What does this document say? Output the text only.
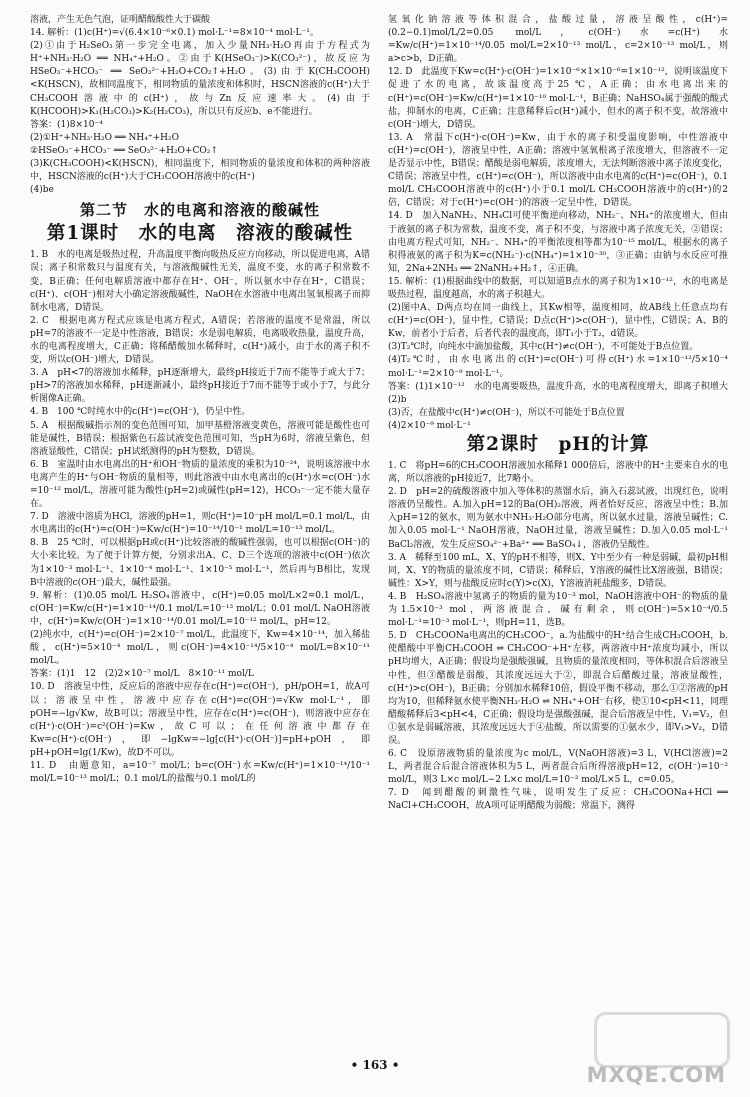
溶液，产生无色气泡，证明醋酸酸性大于碳酸

14. 解析：(1)c(H⁺)=√(6.4×10⁻⁶×0.1) mol·L⁻¹=8×10⁻⁴ mol·L⁻¹。

(2)①由于H₂SeO₃第一步完全电离，加入少量NH₃·H₂O再由于方程式为 H⁺+NH₃·H₂O ══ NH₄⁺+H₂O。②由于K(HSeO₃⁻)>K(CO₃²⁻)，故反应为HSeO₃⁻+HCO₃⁻ ══ SeO₃²⁻+H₂O+CO₂↑+H₂O。(3)由于K(CH₃COOH)<K(HSCN)，故相同温度下，相同物质的量浓度和体积时，HSCN溶液的c(H⁺)大于CH₃COOH溶液中的c(H⁺)，故与Zn反应速率大。(4)由于K(HCOOH)>K₁(H₂CO₃)>K₂(H₂CO₃)，所以只有反应b、e不能进行。

答案：(1)8×10⁻⁴

(2)①H⁺+NH₃·H₂O ══ NH₄⁺+H₂O

②HSeO₃⁻+HCO₃⁻ ══ SeO₃²⁻+H₂O+CO₂↑

(3)K(CH₃COOH)<K(HSCN)，相同温度下，相同物质的量浓度和体积的两种溶液中，HSCN溶液的c(H⁺)大于CH₃COOH溶液中的c(H⁺)

(4)be

第二节　水的电离和溶液的酸碱性
第1课时　水的电离　溶液的酸碱性

1. B　水的电离是吸热过程，升高温度平衡向吸热反应方向移动，所以促进电离，A错误；离子积常数只与温度有关，与溶液酸碱性无关，温度不变，水的离子积常数不变，B正确；任何电解质溶液中都存在H⁺、OH⁻，所以氨水中存在H⁺，C错误；c(H⁺)、c(OH⁻)相对大小确定溶液酸碱性，NaOH在水溶液中电离出氢氧根离子而抑制水电离，D错误。

2. C　根据电离方程式应该是电离方程式，A错误；若溶液的温度不是常温，所以pH=7的溶液不一定是中性溶液，B错误；水是弱电解质，电离吸收热量，温度升高，水的电离程度增大，C正确；将稀醋酸加水稀释时，c(H⁺)减小，由于水的离子积不变，所以c(OH⁻)增大，D错误。

3. A　pH<7的溶液加水稀释，pH逐渐增大，最终pH接近于7而不能等于或大于7；pH>7的溶液加水稀释，pH逐渐减小，最终pH接近于7而不能等于或小于7，与此分析图像A正确。

4. B　100 ℃时纯水中的c(H⁺)=c(OH⁻)，仍呈中性。

5. A　根据酸碱指示剂的变色范围可知，加甲基橙溶液变黄色，溶液可能是酸性也可能是碱性，B错误；根据紫色石蕊试液变色范围可知，当pH为6时，溶液呈紫色，但溶液显酸性，C错误；pH试纸测得的pH为整数，D错误。

6. B　室温时由水电离出的H⁺和OH⁻物质的量浓度的乘积为10⁻²⁴，说明该溶液中水电离产生的H⁺与OH⁻物质的量相等，则此溶液中由水电离出的c(H⁺)水=c(OH⁻)水=10⁻¹² mol/L，溶液可能为酸性(pH=2)或碱性(pH=12)，HCO₃⁻一定不能大量存在。

7. D　溶液中溶质为HCl，溶液的pH=1，则c(H⁺)=10⁻pH mol/L=0.1 mol/L，由水电离出的c(H⁺)=c(OH⁻)=Kw/c(H⁺)=10⁻¹⁴/10⁻¹ mol/L=10⁻¹³ mol/L。

8. B　25 ℃时，可以根据pH或c(H⁺)比较溶液的酸碱性强弱，也可以根据c(OH⁻)的大小来比较。为了便于计算方便，分别求出A、C、D三个选项的溶液中c(OH⁻)依次为1×10⁻³ mol·L⁻¹、1×10⁻⁴ mol·L⁻¹、1×10⁻⁵ mol·L⁻¹，然后再与B相比，发现B中溶液的c(OH⁻)最大，碱性最强。

9. 解析：(1)0.05 mol/L H₂SO₄溶液中，c(H⁺)=0.05 mol/L×2=0.1 mol/L，c(OH⁻)=Kw/c(H⁺)=1×10⁻¹⁴/0.1 mol/L=10⁻¹³ mol/L；0.01 mol/L NaOH溶液中，c(H⁺)=Kw/c(OH⁻)=1×10⁻¹⁴/0.01 mol/L=10⁻¹² mol/L，pH=12。

(2)纯水中，c(H⁺)=c(OH⁻)=2×10⁻⁷ mol/L，此温度下，Kw=4×10⁻¹⁴，加入稀盐酸，c(H⁺)=5×10⁻⁴ mol/L，则c(OH⁻)=4×10⁻¹⁴/5×10⁻⁴ mol/L=8×10⁻¹¹ mol/L。

答案：(1)1　12　(2)2×10⁻⁷ mol/L　8×10⁻¹¹ mol/L

10. D　溶液呈中性，反应后的溶液中应存在c(H⁺)=c(OH⁻)，pH/pOH=1，故A可以；溶液呈中性，溶液中应存在c(H⁺)=c(OH⁻)=√Kw mol·L⁻¹，即pOH=−lg√Kw，故B可以；溶液呈中性，应存在c(H⁺)=c(OH⁻)，则溶液中应存在c(H⁺)·c(OH⁻)=c²(OH⁻)=Kw，故C可以；在任何溶液中都存在Kw=c(H⁺)·c(OH⁻)，即−lgKw=−lg[c(H⁺)·c(OH⁻)]=pH+pOH，即pH+pOH=lg(1/Kw)，故D不可以。

11. D　由题意知，a=10⁻⁷ mol/L；b=c(OH⁻)水=Kw/c(H⁺)=1×10⁻¹⁴/10⁻¹ mol/L=10⁻¹³ mol/L；0.1 mol/L的盐酸与0.1 mol/L的

氢氧化钠溶液等体积混合，盐酸过量，溶液呈酸性，c(H⁺)=(0.2−0.1)mol/L/2=0.05 mol/L，c(OH⁻)水=c(H⁺)水=Kw/c(H⁺)=1×10⁻¹⁴/0.05 mol/L=2×10⁻¹³ mol/L，c=2×10⁻¹³ mol/L，则a>c>b，D正确。

12. D　此温度下Kw=c(H⁺)·c(OH⁻)=1×10⁻⁶×1×10⁻⁶=1×10⁻¹²，说明该温度下促进了水的电离，故该温度高于25 ℃，A正确；由水电离出来的c(H⁺)=c(OH⁻)=Kw/c(H⁺)=1×10⁻¹⁰ mol·L⁻¹，B正确；NaHSO₄属于强酸的酸式盐，抑制水的电离，C正确；注意稀释后c(H⁺)减小，但水的离子积不变，故溶液中c(OH⁻)增大，D错误。

13. A　常温下c(H⁺)·c(OH⁻)=Kw，由于水的离子积受温度影响，中性溶液中c(H⁺)=c(OH⁻)，溶液呈中性，A正确；溶液中氢氧根离子浓度增大，但溶液不一定是否显示中性，B错误；醋酸是弱电解质，浓度增大，无法判断溶液中离子浓度变化，C错误；溶液呈中性，c(H⁺)=c(OH⁻)，所以溶液中由水电离的c(H⁺)=c(OH⁻)，0.1 mol/L CH₃COOH溶液中的c(H⁺)小于0.1 mol/L CH₃COOH溶液中的c(H⁺)的2倍，C错误；对于c(H⁺)=c(OH⁻)的溶液一定呈中性，D错误。

14. D　加入NaNH₂、NH₄Cl可使平衡逆向移动，NH₂⁻、NH₄⁺的浓度增大，但由于液氨的离子积为常数，温度不变，离子积不变，与溶液中离子浓度无关，②错误；由电离方程式可知，NH₂⁻、NH₄⁺的平衡浓度相等都为10⁻¹⁵ mol/L，根据水的离子积得液氨的离子积为K=c(NH₂⁻)·c(NH₄⁺)=1×10⁻³⁰，③正确；由钠与水反应可推知，2Na+2NH₃ ══ 2NaNH₂+H₂↑，④正确。

15. 解析：(1)根据曲线中的数据，可以知道B点水的离子积为1×10⁻¹²，水的电离是吸热过程，温度越高，水的离子积越大。

(2)图中A、D两点均在同一曲线上，其Kw相等，温度相同，故AB线上任意点均有c(H⁺)=c(OH⁻)，显中性，C错误；D点c(H⁺)>c(OH⁻)，显中性，C错误；A、B的Kw，前者小于后者，后者代表的温度高，即T₁小于T₂，d错误。

(3)T₂℃时，向纯水中滴加盐酸，其中c(H⁺)≠c(OH⁻)，不可能处于B点位置。

(4)T₂℃时，由水电离出的c(H⁺)=c(OH⁻)可得c(H⁺)水=1×10⁻¹²/5×10⁻⁴ mol·L⁻¹=2×10⁻⁹ mol·L⁻¹。

答案：(1)1×10⁻¹²　水的电离要吸热，温度升高，水的电离程度增大，即离子积增大　(2)b

(3)否，在盐酸中c(H⁺)≠c(OH⁻)，所以不可能处于B点位置

(4)2×10⁻⁹ mol·L⁻¹

第2课时　pH的计算

1. C　将pH=6的CH₃COOH溶液加水稀释1 000倍后，溶液中的H⁺主要来自水的电离，所以溶液的pH接近7，比7略小。

2. D　pH=2的硫酸溶液中加入等体积的蒸馏水后，滴入石蕊试液，出现红色，说明溶液仍呈酸性。A.加入pH=12的Ba(OH)₂溶液，两者恰好反应，溶液呈中性；B.加入pH=12的氨水，则为氨水中NH₃·H₂O部分电离，所以氨水过量，溶液呈碱性；C.加入0.05 mol·L⁻¹ NaOH溶液，NaOH过量，溶液呈碱性；D.加入0.05 mol·L⁻¹ BaCl₂溶液，发生反应SO₄²⁻+Ba²⁺ ══ BaSO₄↓，溶液仍呈酸性。

3. A　稀释至100 mL，X、Y的pH不相等，则X、Y中至少有一种是弱碱，最初pH相同，X、Y的物质的量浓度不同，C错误；稀释后，Y溶液的碱性比X溶液强，B错误；碱性：X>Y，则与盐酸反应时c(Y)>c(X)，Y溶液消耗盐酸多，D错误。

4. B　H₂SO₄溶液中氢离子的物质的量为10⁻³ mol，NaOH溶液中OH⁻的物质的量为1.5×10⁻³ mol，两溶液混合，碱有剩余，则c(OH⁻)=5×10⁻⁴/0.5 mol·L⁻¹=10⁻³ mol·L⁻¹，则pH=11，选B。

5. D　CH₃COONa电离出的CH₃COO⁻，a.为盐酸中的H⁺结合生成CH₃COOH，b.使醋酸中平衡CH₃COOH ⇌ CH₃COO⁻+H⁺左移，两溶液中H⁺浓度均减小，所以pH均增大，A正确；假设均是强酸强碱，且物质的量浓度相同，等体积混合后溶液呈中性，但③醋酸是弱酸，其浓度远远大于②，即混合后醋酸过量，溶液显酸性，c(H⁺)>c(OH⁻)，B正确；分别加水稀释10倍，假设平衡不移动，那么①②溶液的pH均为10，但稀释氨水使平衡NH₃·H₂O ⇌ NH₄⁺+OH⁻右移，使①10<pH<11，同理醋酸稀释后3<pH<4，C正确；假设均是强酸强碱，混合后溶液呈中性，V₁=V₂，但①氨水是弱碱溶液，其浓度远远大于④盐酸，所以需要的①氨水少，即V₁>V₂，D错误。

6. C　设原溶液物质的量浓度为c mol/L，V(NaOH溶液)=3 L，V(HCl溶液)=2 L，两者混合后混合溶液体积为5 L，两者混合后所得溶液pH=12，c(OH⁻)=10⁻² mol/L，则3 L×c mol/L−2 L×c mol/L=10⁻² mol/L×5 L，c=0.05。

7. D　闻到醋酸的刺激性气味，说明发生了反应：CH₃COONa+HCl ══ NaCl+CH₃COOH，故A项可证明醋酸为弱酸；常温下，测得

• 163 •	MXQE.COM
